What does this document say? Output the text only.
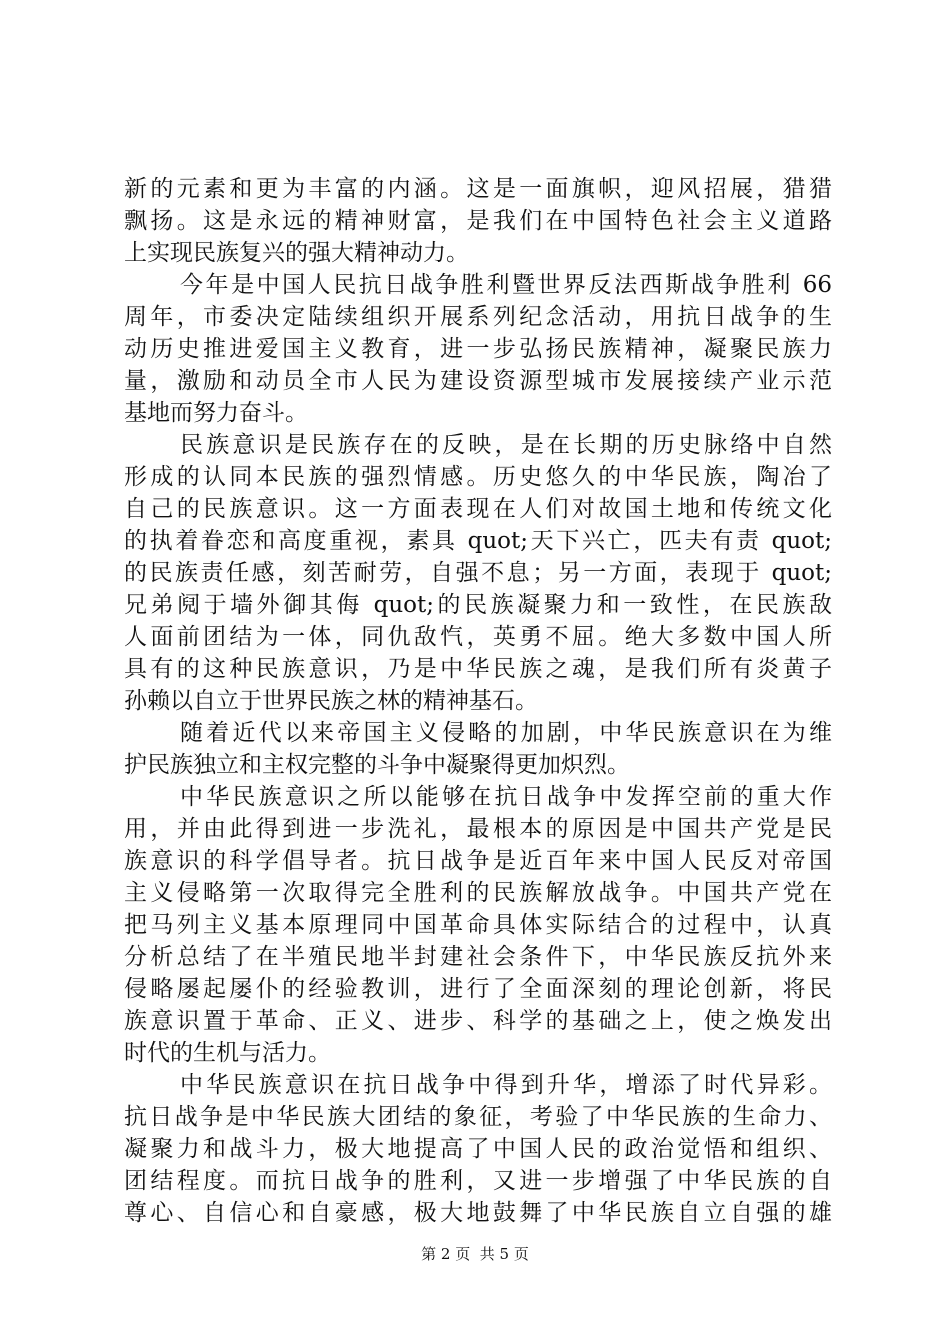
新的元素和更为丰富的内涵。这是一面旗帜，迎风招展，猎猎
飘扬。这是永远的精神财富，是我们在中国特色社会主义道路
上实现民族复兴的强大精神动力。
今年是中国人民抗日战争胜利暨世界反法西斯战争胜利 66
周年，市委决定陆续组织开展系列纪念活动，用抗日战争的生
动历史推进爱国主义教育，进一步弘扬民族精神，凝聚民族力
量，激励和动员全市人民为建设资源型城市发展接续产业示范
基地而努力奋斗。
民族意识是民族存在的反映，是在长期的历史脉络中自然
形成的认同本民族的强烈情感。历史悠久的中华民族，陶冶了
自己的民族意识。这一方面表现在人们对故国土地和传统文化
的执着眷恋和高度重视，素具 quot;天下兴亡，匹夫有责 quot;
的民族责任感，刻苦耐劳，自强不息；另一方面，表现于 quot;
兄弟阋于墙外御其侮 quot;的民族凝聚力和一致性，在民族敌
人面前团结为一体，同仇敌忾，英勇不屈。绝大多数中国人所
具有的这种民族意识，乃是中华民族之魂，是我们所有炎黄子
孙赖以自立于世界民族之林的精神基石。
随着近代以来帝国主义侵略的加剧，中华民族意识在为维
护民族独立和主权完整的斗争中凝聚得更加炽烈。
中华民族意识之所以能够在抗日战争中发挥空前的重大作
用，并由此得到进一步洗礼，最根本的原因是中国共产党是民
族意识的科学倡导者。抗日战争是近百年来中国人民反对帝国
主义侵略第一次取得完全胜利的民族解放战争。中国共产党在
把马列主义基本原理同中国革命具体实际结合的过程中，认真
分析总结了在半殖民地半封建社会条件下，中华民族反抗外来
侵略屡起屡仆的经验教训，进行了全面深刻的理论创新，将民
族意识置于革命、正义、进步、科学的基础之上，使之焕发出
时代的生机与活力。
中华民族意识在抗日战争中得到升华，增添了时代异彩。
抗日战争是中华民族大团结的象征，考验了中华民族的生命力、
凝聚力和战斗力，极大地提高了中国人民的政治觉悟和组织、
团结程度。而抗日战争的胜利，又进一步增强了中华民族的自
尊心、自信心和自豪感，极大地鼓舞了中华民族自立自强的雄
第 2 页  共 5 页
